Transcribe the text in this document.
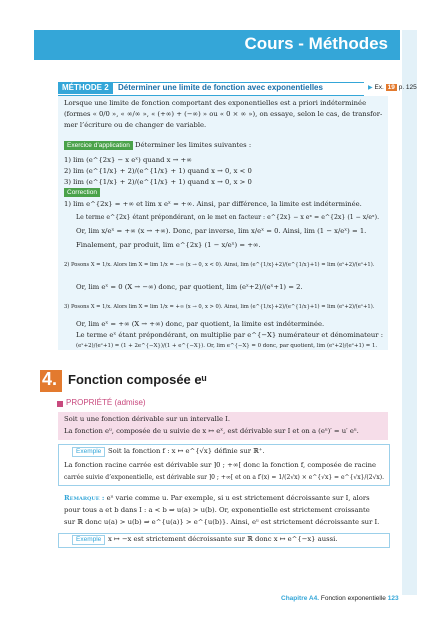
Cours - Méthodes
MÉTHODE 2	Déterminer une limite de fonction avec exponentielles	▶ Ex. 19 p. 125
Lorsque une limite de fonction comportant des exponentielles est a priori indéterminée
(formes « 0/0 », « ∞/∞ », « (+∞) + (−∞) » ou « 0 × ∞ »), on essaye, selon le cas, de transfor-
mer l’écriture ou de changer de variable.
Exercice d’application Déterminer les limites suivantes :
1) lim (e^{2x} − x eˣ) quand x → +∞
2) lim (e^{1/x} + 2)/(e^{1/x} + 1) quand x → 0, x < 0
3) lim (e^{1/x} + 2)/(e^{1/x} + 1) quand x → 0, x > 0
Correction
1) lim e^{2x} = +∞ et lim x eˣ = +∞. Ainsi, par différence, la limite est indéterminée.
Le terme e^{2x} étant prépondérant, on le met en facteur : e^{2x} − x eˣ = e^{2x} (1 − x/eˣ).
Or, lim x/eˣ = +∞ (x → +∞). Donc, par inverse, lim x/eˣ = 0. Ainsi, lim (1 − x/eˣ) = 1.
Finalement, par produit, lim e^{2x} (1 − x/eˣ) = +∞.
2) Posons X = 1/x. Alors lim X = lim 1/x = −∞ (x → 0, x < 0). Ainsi, lim (e^{1/x}+2)/(e^{1/x}+1) = lim (eˣ+2)/(eˣ+1).
Or, lim eˣ = 0 (X → −∞) donc, par quotient, lim (eˣ+2)/(eˣ+1) = 2.
3) Posons X = 1/x. Alors lim X = lim 1/x = +∞ (x → 0, x > 0). Ainsi, lim (e^{1/x}+2)/(e^{1/x}+1) = lim (eˣ+2)/(eˣ+1).
Or, lim eˣ = +∞ (X → +∞) donc, par quotient, la limite est indéterminée.
Le terme eˣ étant prépondérant, on multiplie par e^{−X} numérateur et dénominateur :
(eˣ+2)/(eˣ+1) = (1 + 2e^{−X})/(1 + e^{−X}). Or, lim e^{−X} = 0 donc, par quotient, lim (eˣ+2)/(eˣ+1) = 1.
4. Fonction composée eᵘ
PROPRIÉTÉ (admise)
Soit u une fonction dérivable sur un intervalle I.
La fonction eᵘ, composée de u suivie de x ↦ eˣ, est dérivable sur I et on a (eᵘ)′ = u′ eᵘ.
Exemple Soit la fonction f : x ↦ e^{√x} définie sur ℝ⁺.
La fonction racine carrée est dérivable sur ]0 ; +∞[ donc la fonction f, composée de racine
carrée suivie d’exponentielle, est dérivable sur ]0 ; +∞[ et on a f′(x) = 1/(2√x) × e^{√x} = e^{√x}/(2√x).
Remarque : eᵘ varie comme u. Par exemple, si u est strictement décroissante sur I, alors
pour tous a et b dans I : a < b ⇒ u(a) > u(b). Or, exponentielle est strictement croissante
sur ℝ donc u(a) > u(b) ⇒ e^{u(a)} > e^{u(b)}. Ainsi, eᵘ est strictement décroissante sur I.
Exemple x ↦ −x est strictement décroissante sur ℝ donc x ↦ e^{−x} aussi.
Chapitre A4. Fonction exponentielle 123
